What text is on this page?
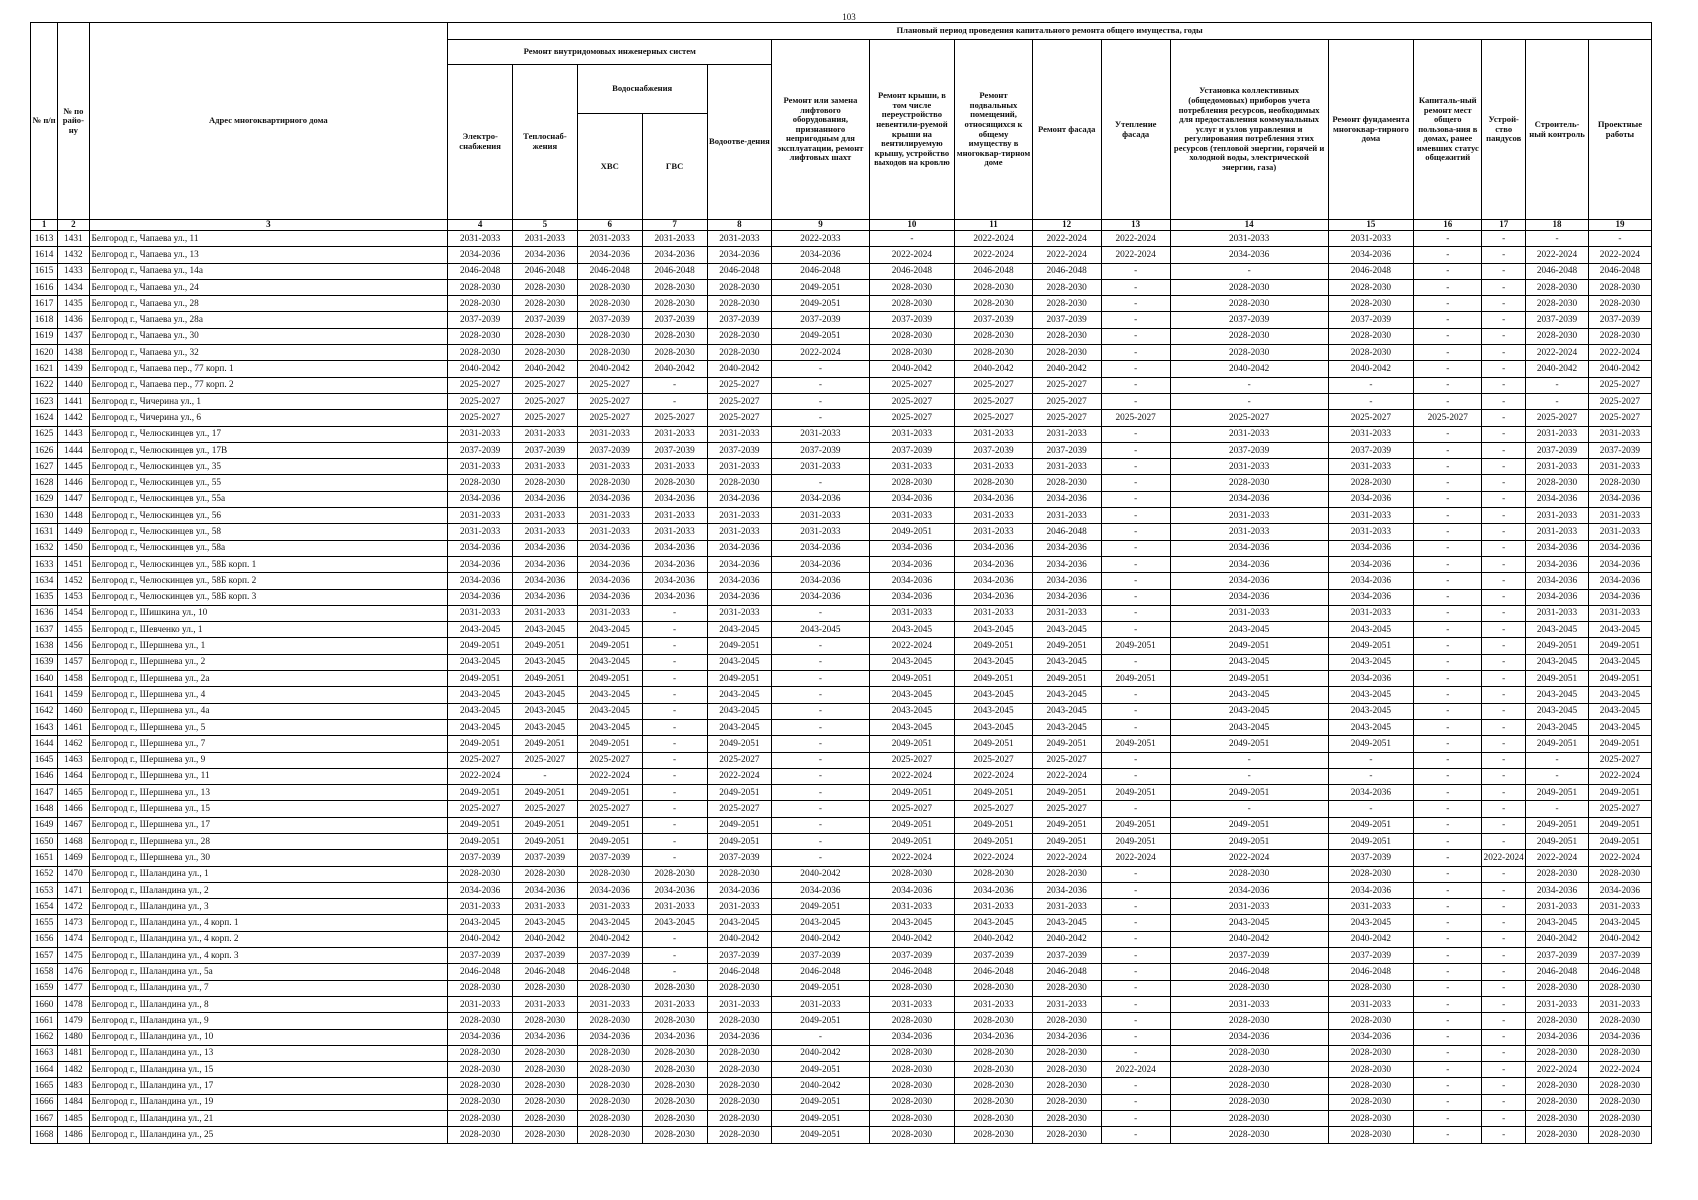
103
№ п/п	№ по райо-ну	Адрес многоквартирного дома	Плановый период проведения капитального ремонта общего имущества, годы															
			Ремонт внутридомовых инженерных систем					Ремонт или замена лифтового оборудования, признанного непригодным для эксплуатации, ремонт лифтовых шахт	Ремонт крыши, в том числе переустройство невентили-руемой крыши на вентилируемую крышу, устройство выходов на кровлю	Ремонт подвальных помещений, относящихся к общему имуществу в многоквар-тирном доме	Ремонт фасада	Утепление фасада	Установка коллективных (общедомовых) приборов учета потребления ресурсов, необходимых для предоставления коммунальных услуг и узлов управления и регулирования потребления этих ресурсов (тепловой энергии, горячей и холодной воды, электрической энергии, газа)	Ремонт фундамента многоквар-тирного дома	Капиталь-ный ремонт мест общего пользова-ния в домах, ранее имевших статус общежитий	Устрой-ство пандусов	Строитель-ный контроль	Проектные работы
			Электро-снабжения	Теплоснаб-жения	Водоснабжения		Водоотве-дения											
					ХВС	ГВС												
1	2	3	4	5	6	7	8	9	10	11	12	13	14	15	16	17	18	19
1613	1431	Белгород г., Чапаева ул., 11	2031-2033	2031-2033	2031-2033	2031-2033	2031-2033	2022-2033	-	2022-2024	2022-2024	2022-2024	2031-2033	2031-2033	-	-	-	-
1614	1432	Белгород г., Чапаева ул., 13	2034-2036	2034-2036	2034-2036	2034-2036	2034-2036	2034-2036	2022-2024	2022-2024	2022-2024	2022-2024	2034-2036	2034-2036	-	-	2022-2024	2022-2024
1615	1433	Белгород г., Чапаева ул., 14а	2046-2048	2046-2048	2046-2048	2046-2048	2046-2048	2046-2048	2046-2048	2046-2048	2046-2048	-	-	2046-2048	-	-	2046-2048	2046-2048
1616	1434	Белгород г., Чапаева ул., 24	2028-2030	2028-2030	2028-2030	2028-2030	2028-2030	2049-2051	2028-2030	2028-2030	2028-2030	-	2028-2030	2028-2030	-	-	2028-2030	2028-2030
1617	1435	Белгород г., Чапаева ул., 28	2028-2030	2028-2030	2028-2030	2028-2030	2028-2030	2049-2051	2028-2030	2028-2030	2028-2030	-	2028-2030	2028-2030	-	-	2028-2030	2028-2030
1618	1436	Белгород г., Чапаева ул., 28а	2037-2039	2037-2039	2037-2039	2037-2039	2037-2039	2037-2039	2037-2039	2037-2039	2037-2039	-	2037-2039	2037-2039	-	-	2037-2039	2037-2039
1619	1437	Белгород г., Чапаева ул., 30	2028-2030	2028-2030	2028-2030	2028-2030	2028-2030	2049-2051	2028-2030	2028-2030	2028-2030	-	2028-2030	2028-2030	-	-	2028-2030	2028-2030
1620	1438	Белгород г., Чапаева ул., 32	2028-2030	2028-2030	2028-2030	2028-2030	2028-2030	2022-2024	2028-2030	2028-2030	2028-2030	-	2028-2030	2028-2030	-	-	2022-2024	2022-2024
1621	1439	Белгород г., Чапаева пер., 77 корп. 1	2040-2042	2040-2042	2040-2042	2040-2042	2040-2042	-	2040-2042	2040-2042	2040-2042	-	2040-2042	2040-2042	-	-	2040-2042	2040-2042
1622	1440	Белгород г., Чапаева пер., 77 корп. 2	2025-2027	2025-2027	2025-2027	-	2025-2027	-	2025-2027	2025-2027	2025-2027	-	-	-	-	-	-	2025-2027
1623	1441	Белгород г., Чичерина ул., 1	2025-2027	2025-2027	2025-2027	-	2025-2027	-	2025-2027	2025-2027	2025-2027	-	-	-	-	-	-	2025-2027
1624	1442	Белгород г., Чичерина ул., 6	2025-2027	2025-2027	2025-2027	2025-2027	2025-2027	-	2025-2027	2025-2027	2025-2027	2025-2027	2025-2027	2025-2027	2025-2027	-	2025-2027	2025-2027
1625	1443	Белгород г., Челюскинцев ул., 17	2031-2033	2031-2033	2031-2033	2031-2033	2031-2033	2031-2033	2031-2033	2031-2033	2031-2033	-	2031-2033	2031-2033	-	-	2031-2033	2031-2033
1626	1444	Белгород г., Челюскинцев ул., 17В	2037-2039	2037-2039	2037-2039	2037-2039	2037-2039	2037-2039	2037-2039	2037-2039	2037-2039	-	2037-2039	2037-2039	-	-	2037-2039	2037-2039
1627	1445	Белгород г., Челюскинцев ул., 35	2031-2033	2031-2033	2031-2033	2031-2033	2031-2033	2031-2033	2031-2033	2031-2033	2031-2033	-	2031-2033	2031-2033	-	-	2031-2033	2031-2033
1628	1446	Белгород г., Челюскинцев ул., 55	2028-2030	2028-2030	2028-2030	2028-2030	2028-2030	-	2028-2030	2028-2030	2028-2030	-	2028-2030	2028-2030	-	-	2028-2030	2028-2030
1629	1447	Белгород г., Челюскинцев ул., 55а	2034-2036	2034-2036	2034-2036	2034-2036	2034-2036	2034-2036	2034-2036	2034-2036	2034-2036	-	2034-2036	2034-2036	-	-	2034-2036	2034-2036
1630	1448	Белгород г., Челюскинцев ул., 56	2031-2033	2031-2033	2031-2033	2031-2033	2031-2033	2031-2033	2031-2033	2031-2033	2031-2033	-	2031-2033	2031-2033	-	-	2031-2033	2031-2033
1631	1449	Белгород г., Челюскинцев ул., 58	2031-2033	2031-2033	2031-2033	2031-2033	2031-2033	2031-2033	2049-2051	2031-2033	2046-2048	-	2031-2033	2031-2033	-	-	2031-2033	2031-2033
1632	1450	Белгород г., Челюскинцев ул., 58а	2034-2036	2034-2036	2034-2036	2034-2036	2034-2036	2034-2036	2034-2036	2034-2036	2034-2036	-	2034-2036	2034-2036	-	-	2034-2036	2034-2036
1633	1451	Белгород г., Челюскинцев ул., 58Б корп. 1	2034-2036	2034-2036	2034-2036	2034-2036	2034-2036	2034-2036	2034-2036	2034-2036	2034-2036	-	2034-2036	2034-2036	-	-	2034-2036	2034-2036
1634	1452	Белгород г., Челюскинцев ул., 58Б корп. 2	2034-2036	2034-2036	2034-2036	2034-2036	2034-2036	2034-2036	2034-2036	2034-2036	2034-2036	-	2034-2036	2034-2036	-	-	2034-2036	2034-2036
1635	1453	Белгород г., Челюскинцев ул., 58Б корп. 3	2034-2036	2034-2036	2034-2036	2034-2036	2034-2036	2034-2036	2034-2036	2034-2036	2034-2036	-	2034-2036	2034-2036	-	-	2034-2036	2034-2036
1636	1454	Белгород г., Шишкина ул., 10	2031-2033	2031-2033	2031-2033	-	2031-2033	-	2031-2033	2031-2033	2031-2033	-	2031-2033	2031-2033	-	-	2031-2033	2031-2033
1637	1455	Белгород г., Шевченко ул., 1	2043-2045	2043-2045	2043-2045	-	2043-2045	2043-2045	2043-2045	2043-2045	2043-2045	-	2043-2045	2043-2045	-	-	2043-2045	2043-2045
1638	1456	Белгород г., Шершнева ул., 1	2049-2051	2049-2051	2049-2051	-	2049-2051	-	2022-2024	2049-2051	2049-2051	2049-2051	2049-2051	2049-2051	-	-	2049-2051	2049-2051
1639	1457	Белгород г., Шершнева ул., 2	2043-2045	2043-2045	2043-2045	-	2043-2045	-	2043-2045	2043-2045	2043-2045	-	2043-2045	2043-2045	-	-	2043-2045	2043-2045
1640	1458	Белгород г., Шершнева ул., 2а	2049-2051	2049-2051	2049-2051	-	2049-2051	-	2049-2051	2049-2051	2049-2051	2049-2051	2049-2051	2034-2036	-	-	2049-2051	2049-2051
1641	1459	Белгород г., Шершнева ул., 4	2043-2045	2043-2045	2043-2045	-	2043-2045	-	2043-2045	2043-2045	2043-2045	-	2043-2045	2043-2045	-	-	2043-2045	2043-2045
1642	1460	Белгород г., Шершнева ул., 4а	2043-2045	2043-2045	2043-2045	-	2043-2045	-	2043-2045	2043-2045	2043-2045	-	2043-2045	2043-2045	-	-	2043-2045	2043-2045
1643	1461	Белгород г., Шершнева ул., 5	2043-2045	2043-2045	2043-2045	-	2043-2045	-	2043-2045	2043-2045	2043-2045	-	2043-2045	2043-2045	-	-	2043-2045	2043-2045
1644	1462	Белгород г., Шершнева ул., 7	2049-2051	2049-2051	2049-2051	-	2049-2051	-	2049-2051	2049-2051	2049-2051	2049-2051	2049-2051	2049-2051	-	-	2049-2051	2049-2051
1645	1463	Белгород г., Шершнева ул., 9	2025-2027	2025-2027	2025-2027	-	2025-2027	-	2025-2027	2025-2027	2025-2027	-	-	-	-	-	-	2025-2027
1646	1464	Белгород г., Шершнева ул., 11	2022-2024	-	2022-2024	-	2022-2024	-	2022-2024	2022-2024	2022-2024	-	-	-	-	-	-	2022-2024
1647	1465	Белгород г., Шершнева ул., 13	2049-2051	2049-2051	2049-2051	-	2049-2051	-	2049-2051	2049-2051	2049-2051	2049-2051	2049-2051	2034-2036	-	-	2049-2051	2049-2051
1648	1466	Белгород г., Шершнева ул., 15	2025-2027	2025-2027	2025-2027	-	2025-2027	-	2025-2027	2025-2027	2025-2027	-	-	-	-	-	-	2025-2027
1649	1467	Белгород г., Шершнева ул., 17	2049-2051	2049-2051	2049-2051	-	2049-2051	-	2049-2051	2049-2051	2049-2051	2049-2051	2049-2051	2049-2051	-	-	2049-2051	2049-2051
1650	1468	Белгород г., Шершнева ул., 28	2049-2051	2049-2051	2049-2051	-	2049-2051	-	2049-2051	2049-2051	2049-2051	2049-2051	2049-2051	2049-2051	-	-	2049-2051	2049-2051
1651	1469	Белгород г., Шершнева ул., 30	2037-2039	2037-2039	2037-2039	-	2037-2039	-	2022-2024	2022-2024	2022-2024	2022-2024	2022-2024	2037-2039	-	2022-2024	2022-2024	2022-2024
1652	1470	Белгород г., Шаландина ул., 1	2028-2030	2028-2030	2028-2030	2028-2030	2028-2030	2040-2042	2028-2030	2028-2030	2028-2030	-	2028-2030	2028-2030	-	-	2028-2030	2028-2030
1653	1471	Белгород г., Шаландина ул., 2	2034-2036	2034-2036	2034-2036	2034-2036	2034-2036	2034-2036	2034-2036	2034-2036	2034-2036	-	2034-2036	2034-2036	-	-	2034-2036	2034-2036
1654	1472	Белгород г., Шаландина ул., 3	2031-2033	2031-2033	2031-2033	2031-2033	2031-2033	2049-2051	2031-2033	2031-2033	2031-2033	-	2031-2033	2031-2033	-	-	2031-2033	2031-2033
1655	1473	Белгород г., Шаландина ул., 4 корп. 1	2043-2045	2043-2045	2043-2045	2043-2045	2043-2045	2043-2045	2043-2045	2043-2045	2043-2045	-	2043-2045	2043-2045	-	-	2043-2045	2043-2045
1656	1474	Белгород г., Шаландина ул., 4 корп. 2	2040-2042	2040-2042	2040-2042	-	2040-2042	2040-2042	2040-2042	2040-2042	2040-2042	-	2040-2042	2040-2042	-	-	2040-2042	2040-2042
1657	1475	Белгород г., Шаландина ул., 4 корп. 3	2037-2039	2037-2039	2037-2039	-	2037-2039	2037-2039	2037-2039	2037-2039	2037-2039	-	2037-2039	2037-2039	-	-	2037-2039	2037-2039
1658	1476	Белгород г., Шаландина ул., 5а	2046-2048	2046-2048	2046-2048	-	2046-2048	2046-2048	2046-2048	2046-2048	2046-2048	-	2046-2048	2046-2048	-	-	2046-2048	2046-2048
1659	1477	Белгород г., Шаландина ул., 7	2028-2030	2028-2030	2028-2030	2028-2030	2028-2030	2049-2051	2028-2030	2028-2030	2028-2030	-	2028-2030	2028-2030	-	-	2028-2030	2028-2030
1660	1478	Белгород г., Шаландина ул., 8	2031-2033	2031-2033	2031-2033	2031-2033	2031-2033	2031-2033	2031-2033	2031-2033	2031-2033	-	2031-2033	2031-2033	-	-	2031-2033	2031-2033
1661	1479	Белгород г., Шаландина ул., 9	2028-2030	2028-2030	2028-2030	2028-2030	2028-2030	2049-2051	2028-2030	2028-2030	2028-2030	-	2028-2030	2028-2030	-	-	2028-2030	2028-2030
1662	1480	Белгород г., Шаландина ул., 10	2034-2036	2034-2036	2034-2036	2034-2036	2034-2036	-	2034-2036	2034-2036	2034-2036	-	2034-2036	2034-2036	-	-	2034-2036	2034-2036
1663	1481	Белгород г., Шаландина ул., 13	2028-2030	2028-2030	2028-2030	2028-2030	2028-2030	2040-2042	2028-2030	2028-2030	2028-2030	-	2028-2030	2028-2030	-	-	2028-2030	2028-2030
1664	1482	Белгород г., Шаландина ул., 15	2028-2030	2028-2030	2028-2030	2028-2030	2028-2030	2049-2051	2028-2030	2028-2030	2028-2030	2022-2024	2028-2030	2028-2030	-	-	2022-2024	2022-2024
1665	1483	Белгород г., Шаландина ул., 17	2028-2030	2028-2030	2028-2030	2028-2030	2028-2030	2040-2042	2028-2030	2028-2030	2028-2030	-	2028-2030	2028-2030	-	-	2028-2030	2028-2030
1666	1484	Белгород г., Шаландина ул., 19	2028-2030	2028-2030	2028-2030	2028-2030	2028-2030	2049-2051	2028-2030	2028-2030	2028-2030	-	2028-2030	2028-2030	-	-	2028-2030	2028-2030
1667	1485	Белгород г., Шаландина ул., 21	2028-2030	2028-2030	2028-2030	2028-2030	2028-2030	2049-2051	2028-2030	2028-2030	2028-2030	-	2028-2030	2028-2030	-	-	2028-2030	2028-2030
1668	1486	Белгород г., Шаландина ул., 25	2028-2030	2028-2030	2028-2030	2028-2030	2028-2030	2049-2051	2028-2030	2028-2030	2028-2030	-	2028-2030	2028-2030	-	-	2028-2030	2028-2030
